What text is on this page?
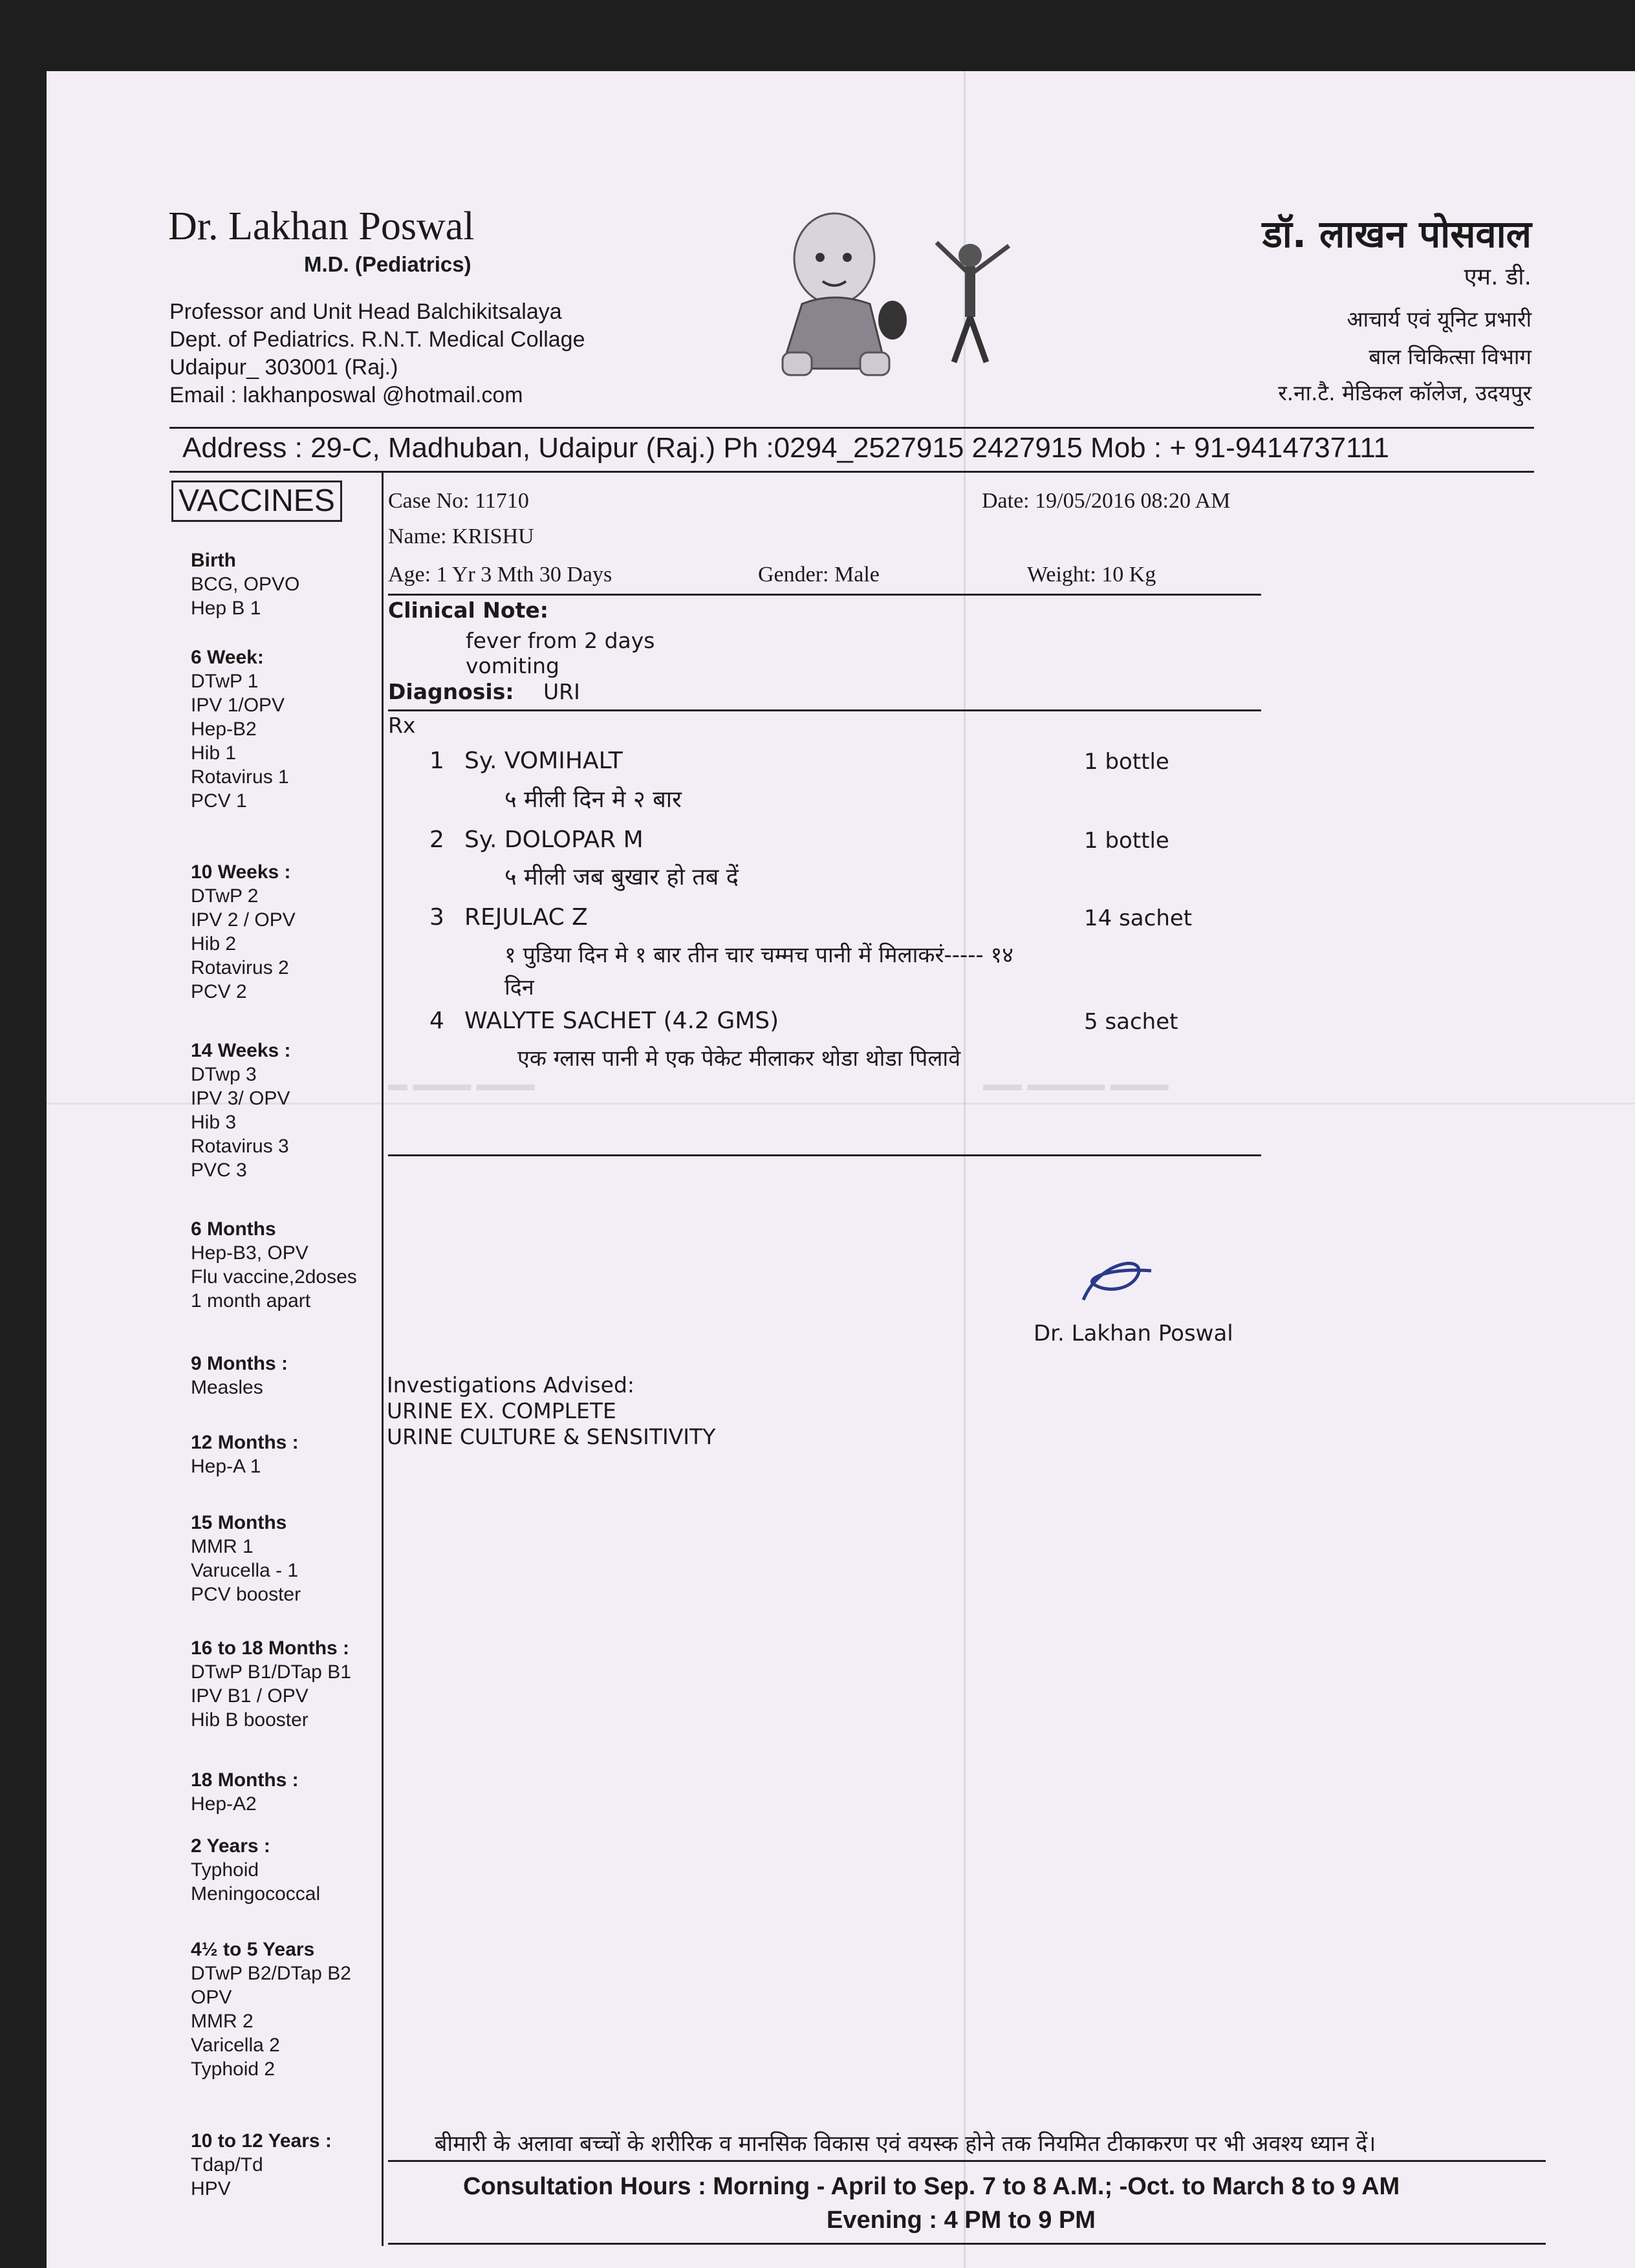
Dr. Lakhan Poswal
M.D. (Pediatrics)
Professor and Unit Head Balchikitsalaya
Dept. of Pediatrics. R.N.T. Medical Collage
Udaipur_ 303001 (Raj.)
Email : lakhanposwal @hotmail.com
डॉ. लाखन पोसवाल
एम. डी.
आचार्य एवं यूनिट प्रभारी
बाल चिकित्सा विभाग
र.ना.टै. मेडिकल कॉलेज, उदयपुर
Address : 29-C, Madhuban, Udaipur (Raj.) Ph :0294_2527915 2427915 Mob : + 91-9414737111
VACCINES
Birth
BCG, OPVO
Hep B 1
6 Week:
DTwP 1
IPV 1/OPV
Hep-B2
Hib 1
Rotavirus 1
PCV 1
10 Weeks :
DTwP 2
IPV 2 / OPV
Hib 2
Rotavirus 2
PCV 2
14 Weeks :
DTwp 3
IPV 3/ OPV
Hib 3
Rotavirus 3
PVC 3
6 Months
Hep-B3, OPV
Flu vaccine,2doses
1 month apart
9 Months :
Measles
12 Months :
Hep-A 1
15 Months
MMR 1
Varucella - 1
PCV booster
16 to 18 Months :
DTwP B1/DTap B1
IPV B1 / OPV
Hib B booster
18 Months :
Hep-A2
2 Years :
Typhoid
Meningococcal
4½ to 5 Years
DTwP B2/DTap B2
OPV
MMR 2
Varicella 2
Typhoid 2
10 to 12 Years :
Tdap/Td
HPV
Case No: 11710	Date: 19/05/2016 08:20 AM
Name: KRISHU
Age: 1 Yr 3 Mth 30 Days	Gender: Male	Weight: 10 Kg
Clinical Note:
fever from 2 days
vomiting
Diagnosis: URI
Rx
1 Sy. VOMIHALT	1 bottle
५ मीली दिन मे २ बार
2 Sy. DOLOPAR M	1 bottle
५ मीली जब बुखार हो तब दें
3 REJULAC Z	14 sachet
१ पुडिया दिन मे १ बार तीन चार चम्मच पानी में मिलाकरं----- १४
दिन
4 WALYTE SACHET (4.2 GMS)	5 sachet
एक ग्लास पानी मे एक पेकेट मीलाकर थोडा थोडा पिलावे
▬ ▬▬▬ ▬▬▬	▬▬ ▬▬▬▬ ▬▬▬
Dr. Lakhan Poswal
Investigations Advised:
URINE EX. COMPLETE
URINE CULTURE & SENSITIVITY
बीमारी के अलावा बच्चों के शरीरिक व मानसिक विकास एवं वयस्क होने तक नियमित टीकाकरण पर भी अवश्य ध्यान दें।
Consultation Hours : Morning - April to Sep. 7 to 8 A.M.; -Oct. to March 8 to 9 AM
Evening : 4 PM to 9 PM
